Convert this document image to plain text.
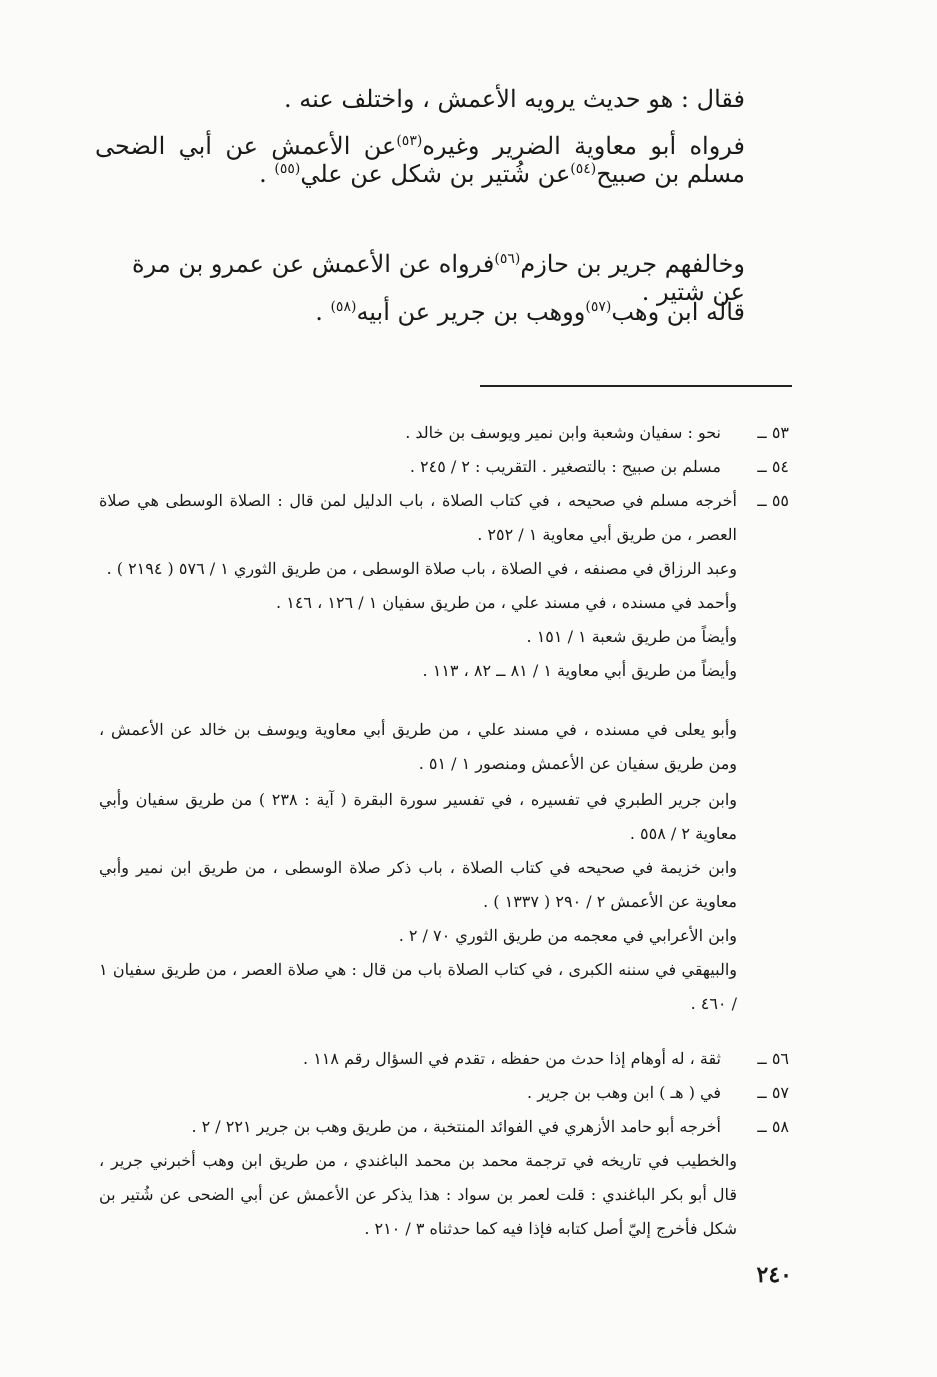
فقال : هو حديث يرويه الأعمش ، واختلف عنه .

فرواه أبو معاوية الضرير وغيره$^{(٥٣)}$عن الأعمش عن أبي الضحى مسلم بن صبيح$^{(٥٤)}$عن شُتير بن شكل عن علي$^{(٥٥)}$ .

وخالفهم جرير بن حازم$^{(٥٦)}$فرواه عن الأعمش عن عمرو بن مرة عن شتير .

قاله ابن وهب$^{(٥٧)}$ووهب بن جرير عن أبيه$^{(٥٨)}$ .

٥٣ ــنحو : سفيان وشعبة وابن نمير ويوسف بن خالد .
٥٤ ــمسلم بن صبيح : بالتصغير . التقريب : ٢ / ٢٤٥ .
٥٥ ــ
أخرجه مسلم في صحيحه ، في كتاب الصلاة ، باب الدليل لمن قال : الصلاة الوسطى هي صلاة العصر ، من طريق أبي معاوية ١ / ٢٥٢ .
وعبد الرزاق في مصنفه ، في الصلاة ، باب صلاة الوسطى ، من طريق الثوري ١ / ٥٧٦ ( ٢١٩٤ ) .
وأحمد في مسنده ، في مسند علي ، من طريق سفيان ١ / ١٢٦ ، ١٤٦ .
وأيضاً من طريق شعبة ١ / ١٥١ .
وأيضاً من طريق أبي معاوية ١ / ٨١ ــ ٨٢ ، ١١٣ .
وأبو يعلى في مسنده ، في مسند علي ، من طريق أبي معاوية ويوسف بن خالد عن الأعمش ، ومن طريق سفيان عن الأعمش ومنصور ١ / ٥١ .
وابن جرير الطبري في تفسيره ، في تفسير سورة البقرة ( آية : ٢٣٨ ) من طريق سفيان وأبي معاوية ٢ / ٥٥٨ .
وابن خزيمة في صحيحه في كتاب الصلاة ، باب ذكر صلاة الوسطى ، من طريق ابن نمير وأبي معاوية عن الأعمش ٢ / ٢٩٠ ( ١٣٣٧ ) .
وابن الأعرابي في معجمه من طريق الثوري ٧٠ / ٢ .
والبيهقي في سننه الكبرى ، في كتاب الصلاة باب من قال : هي صلاة العصر ، من طريق سفيان ١ / ٤٦٠ .
٥٦ ــثقة ، له أوهام إذا حدث من حفظه ، تقدم في السؤال رقم ١١٨ .
٥٧ ــفي ( هـ ) ابن وهب بن جرير .
٥٨ ــأخرجه أبو حامد الأزهري في الفوائد المنتخبة ، من طريق وهب بن جرير ٢٢١ / ٢ .
والخطيب في تاريخه في ترجمة محمد بن محمد الباغندي ، من طريق ابن وهب أخبرني جرير ، قال أبو بكر الباغندي : قلت لعمر بن سواد : هذا يذكر عن الأعمش عن أبي الضحى عن شُتير بن شكل فأخرج إليّ أصل كتابه فإذا فيه كما حدثناه ٣ / ٢١٠ .
٢٤٠
